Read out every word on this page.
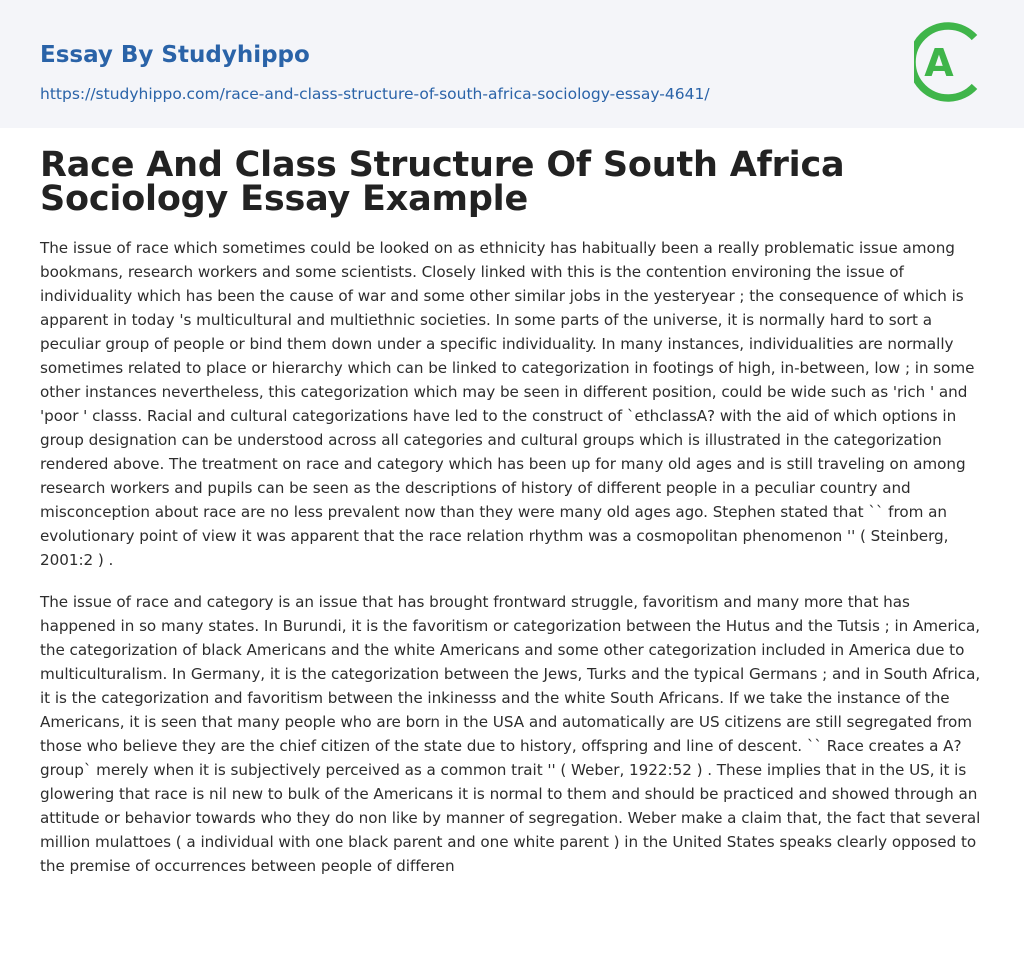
Essay By Studyhippo
https://studyhippo.com/race-and-class-structure-of-south-africa-sociology-essay-4641/
A
Race And Class Structure Of South Africa Sociology Essay Example

The issue of race which sometimes could be looked on as ethnicity has habitually been a really problematic issue among bookmans, research workers and some scientists. Closely linked with this is the contention environing the issue of individuality which has been the cause of war and some other similar jobs in the yesteryear ; the consequence of which is apparent in today 's multicultural and multiethnic societies. In some parts of the universe, it is normally hard to sort a peculiar group of people or bind them down under a specific individuality. In many instances, individualities are normally sometimes related to place or hierarchy which can be linked to categorization in footings of high, in-between, low ; in some other instances nevertheless, this categorization which may be seen in different position, could be wide such as 'rich ' and 'poor ' classs. Racial and cultural categorizations have led to the construct of `ethclassA? with the aid of which options in group designation can be understood across all categories and cultural groups which is illustrated in the categorization rendered above. The treatment on race and category which has been up for many old ages and is still traveling on among research workers and pupils can be seen as the descriptions of history of different people in a peculiar country and misconception about race are no less prevalent now than they were many old ages ago. Stephen stated that `` from an evolutionary point of view it was apparent that the race relation rhythm was a cosmopolitan phenomenon '' ( Steinberg, 2001:2 ) .

The issue of race and category is an issue that has brought frontward struggle, favoritism and many more that has happened in so many states. In Burundi, it is the favoritism or categorization between the Hutus and the Tutsis ; in America, the categorization of black Americans and the white Americans and some other categorization included in America due to multiculturalism. In Germany, it is the categorization between the Jews, Turks and the typical Germans ; and in South Africa, it is the categorization and favoritism between the inkinesss and the white South Africans. If we take the instance of the Americans, it is seen that many people who are born in the USA and automatically are US citizens are still segregated from those who believe they are the chief citizen of the state due to history, offspring and line of descent. `` Race creates a A?group` merely when it is subjectively perceived as a common trait '' ( Weber, 1922:52 ) . These implies that in the US, it is glowering that race is nil new to bulk of the Americans it is normal to them and should be practiced and showed through an attitude or behavior towards who they do non like by manner of segregation. Weber make a claim that, the fact that several million mulattoes ( a individual with one black parent and one white parent ) in the United States speaks clearly opposed to the premise of occurrences between people of differen
